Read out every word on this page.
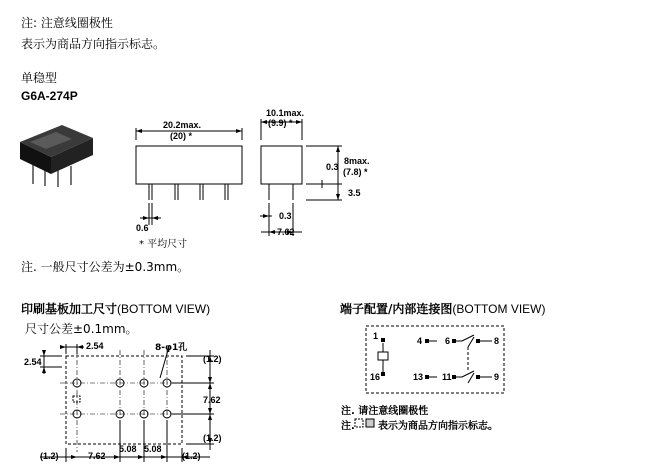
注: 注意线圈极性
表示为商品方向指示标志。
单稳型
G6A-274P
20.2max.
(20) *
10.1max.
(9.9) *
8max.
(7.8) *
0.3
3.5
0.6
0.3
7.62
* 平均尺寸
注. 一般尺寸公差为±0.3mm。
印刷基板加工尺寸(BOTTOM VIEW)
尺寸公差±0.1mm。
2.54
2.54
8-φ1孔
(1.2)
7.62
(1.2)
(1.2)	7.62
5.08 5.08
(1.2)
端子配置/内部连接图(BOTTOM VIEW)
1	4	6	8
16	13 11	9
注. 请注意线圈极性
注. 表示为商品方向指示标志。
